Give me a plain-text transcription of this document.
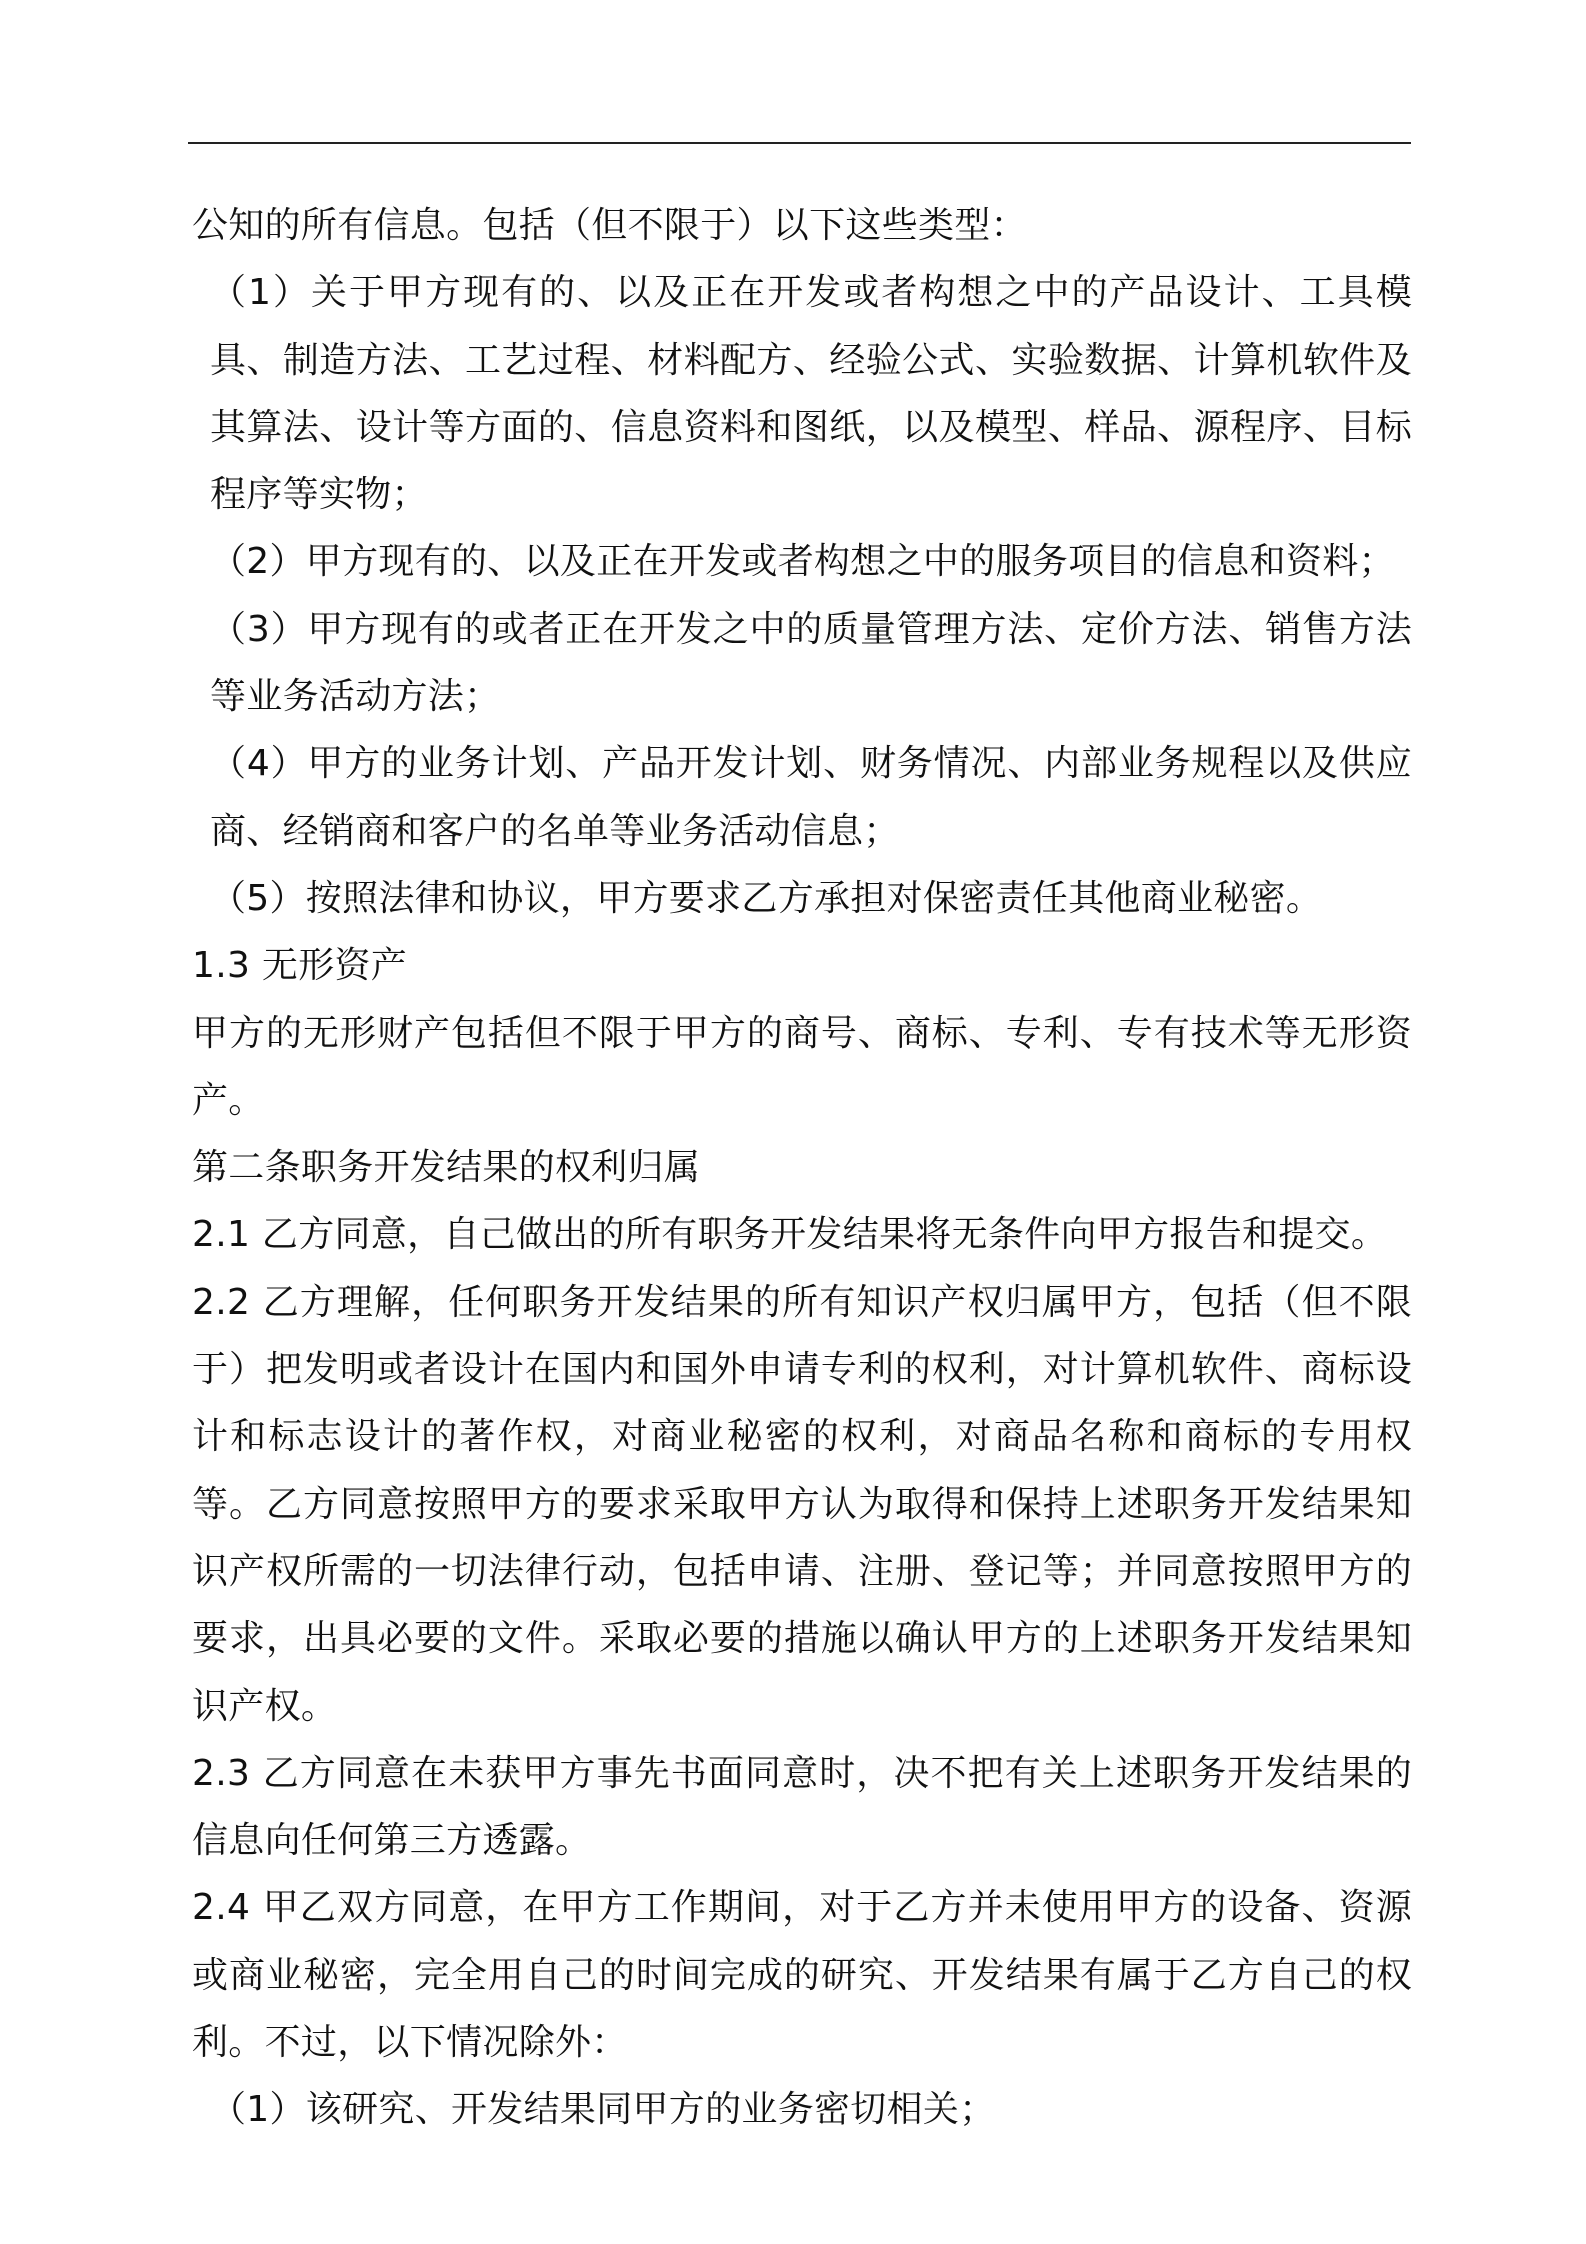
公知的所有信息。包括（但不限于）以下这些类型：

（1）关于甲方现有的、以及正在开发或者构想之中的产品设计、工具模具、制造方法、工艺过程、材料配方、经验公式、实验数据、计算机软件及其算法、设计等方面的、信息资料和图纸，以及模型、样品、源程序、目标程序等实物；

（2）甲方现有的、以及正在开发或者构想之中的服务项目的信息和资料；

（3）甲方现有的或者正在开发之中的质量管理方法、定价方法、销售方法等业务活动方法；

（4）甲方的业务计划、产品开发计划、财务情况、内部业务规程以及供应商、经销商和客户的名单等业务活动信息；

（5）按照法律和协议，甲方要求乙方承担对保密责任其他商业秘密。

1.3 无形资产

甲方的无形财产包括但不限于甲方的商号、商标、专利、专有技术等无形资产。

第二条职务开发结果的权利归属

2.1 乙方同意，自己做出的所有职务开发结果将无条件向甲方报告和提交。

2.2 乙方理解，任何职务开发结果的所有知识产权归属甲方，包括（但不限于）把发明或者设计在国内和国外申请专利的权利，对计算机软件、商标设计和标志设计的著作权，对商业秘密的权利，对商品名称和商标的专用权等。乙方同意按照甲方的要求采取甲方认为取得和保持上述职务开发结果知识产权所需的一切法律行动，包括申请、注册、登记等；并同意按照甲方的要求，出具必要的文件。采取必要的措施以确认甲方的上述职务开发结果知识产权。

2.3 乙方同意在未获甲方事先书面同意时，决不把有关上述职务开发结果的信息向任何第三方透露。

2.4 甲乙双方同意，在甲方工作期间，对于乙方并未使用甲方的设备、资源或商业秘密，完全用自己的时间完成的研究、开发结果有属于乙方自己的权利。不过，以下情况除外：

（1）该研究、开发结果同甲方的业务密切相关；
